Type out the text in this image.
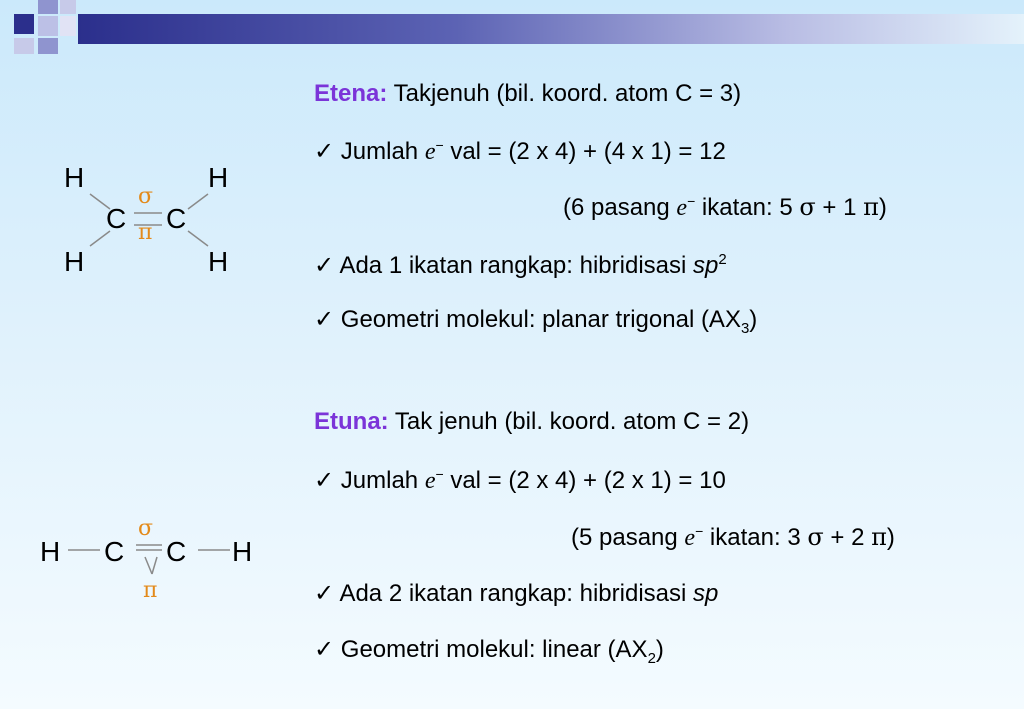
H	H
C C
H	H
σ
π
H C C H
σ
π
Etena: Takjenuh (bil. koord. atom C = 3)
✓ Jumlah e− val = (2 x 4) + (4 x 1) = 12
(6 pasang e− ikatan: 5 σ + 1 π)
✓ Ada 1 ikatan rangkap: hibridisasi $sp^2$
✓ Geometri molekul: planar trigonal $(AX_3)$
Etuna: Tak jenuh (bil. koord. atom C = 2)
✓ Jumlah e− val = (2 x 4) + (2 x 1) = 10
(5 pasang e− ikatan: 3 σ + 2 π)
✓ Ada 2 ikatan rangkap: hibridisasi sp
✓ Geometri molekul: linear $(AX_2)$
